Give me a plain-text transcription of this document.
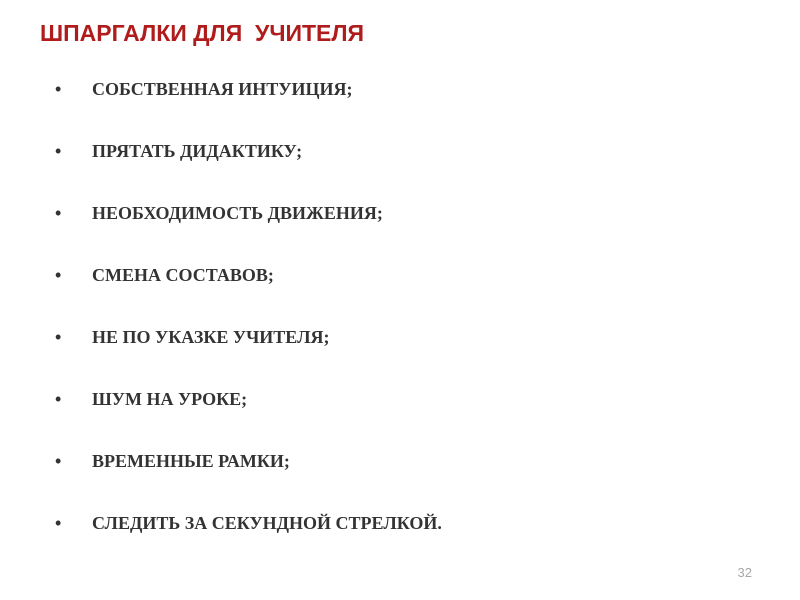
ШПАРГАЛКИ ДЛЯ  УЧИТЕЛЯ
•	СОБСТВЕННАЯ ИНТУИЦИЯ;
•	ПРЯТАТЬ ДИДАКТИКУ;
•	НЕОБХОДИМОСТЬ ДВИЖЕНИЯ;
•	СМЕНА СОСТАВОВ;
•	НЕ ПО УКАЗКЕ УЧИТЕЛЯ;
•	ШУМ НА УРОКЕ;
•	ВРЕМЕННЫЕ РАМКИ;
•	СЛЕДИТЬ ЗА СЕКУНДНОЙ СТРЕЛКОЙ.
32
